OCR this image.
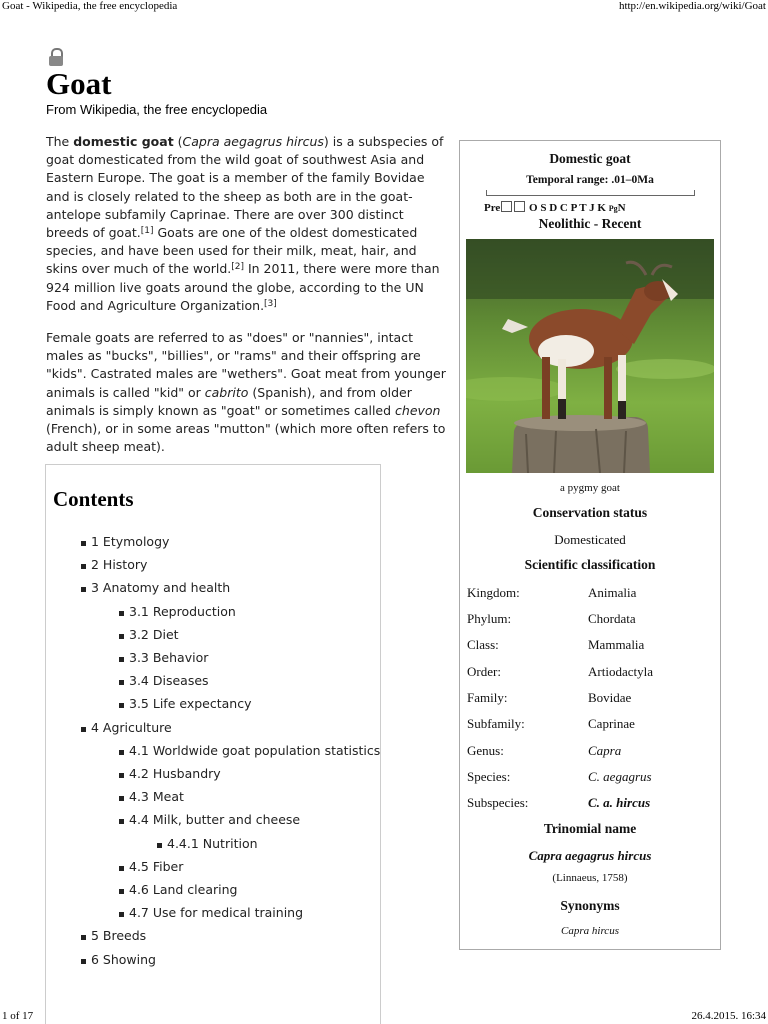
Goat - Wikipedia, the free encyclopedia	http://en.wikipedia.org/wiki/Goat
Goat
From Wikipedia, the free encyclopedia

The domestic goat (Capra aegagrus hircus) is a subspecies of goat domesticated from the wild goat of southwest Asia and Eastern Europe. The goat is a member of the family Bovidae and is closely related to the sheep as both are in the goat-antelope subfamily Caprinae. There are over 300 distinct breeds of goat.[1] Goats are one of the oldest domesticated species, and have been used for their milk, meat, hair, and skins over much of the world.[2] In 2011, there were more than 924 million live goats around the globe, according to the UN Food and Agriculture Organization.[3]

Female goats are referred to as "does" or "nannies", intact males as "bucks", "billies", or "rams" and their offspring are "kids". Castrated males are "wethers". Goat meat from younger animals is called "kid" or cabrito (Spanish), and from older animals is simply known as "goat" or sometimes called chevon (French), or in some areas "mutton" (which more often refers to adult sheep meat).

Contents
1 Etymology
2 History
3 Anatomy and health
3.1 Reproduction
3.2 Diet
3.3 Behavior
3.4 Diseases
3.5 Life expectancy
4 Agriculture
4.1 Worldwide goat population statistics
4.2 Husbandry
4.3 Meat
4.4 Milk, butter and cheese
4.4.1 Nutrition
4.5 Fiber
4.6 Land clearing
4.7 Use for medical training
5 Breeds
6 Showing
Domestic goat
Temporal range: .01–0Ma
Pre	O S D C P T J K PgN
Neolithic - Recent
a pygmy goat
Conservation status
Domesticated
Scientific classification
Kingdom:	Animalia
Phylum:	Chordata
Class:	Mammalia
Order:	Artiodactyla
Family:	Bovidae
Subfamily:	Caprinae
Genus:	Capra
Species:	C. aegagrus
Subspecies:	C. a. hircus
Trinomial name
Capra aegagrus hircus
(Linnaeus, 1758)
Synonyms
Capra hircus
1 of 17	26.4.2015. 16:34
